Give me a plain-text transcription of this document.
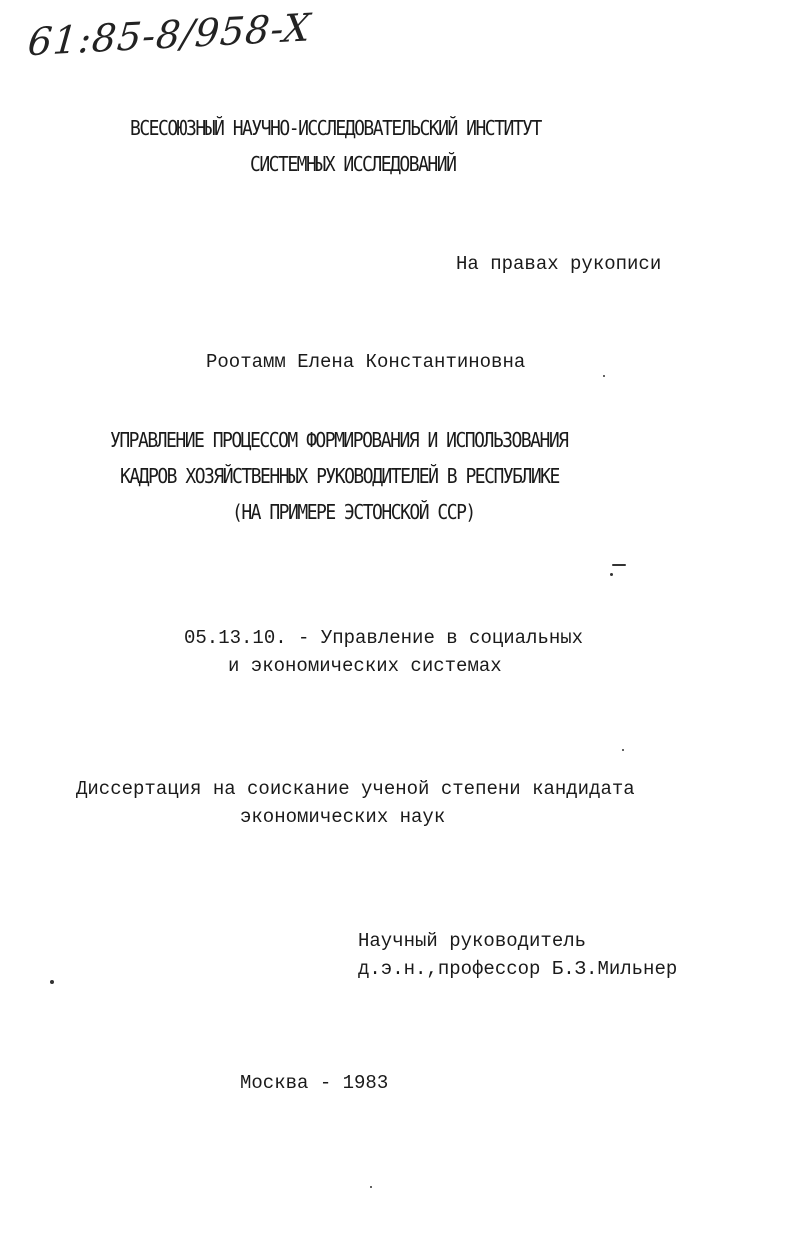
61:85-8/958-X
ВСЕСОЮЗНЫЙ НАУЧНО-ИССЛЕДОВАТЕЛЬСКИЙ ИНСТИТУТ
СИСТЕМНЫХ ИССЛЕДОВАНИЙ
На правах рукописи
Роотамм Елена Константиновна
УПРАВЛЕНИЕ ПРОЦЕССОМ ФОРМИРОВАНИЯ И ИСПОЛЬЗОВАНИЯ
КАДРОВ ХОЗЯЙСТВЕННЫХ РУКОВОДИТЕЛЕЙ В РЕСПУБЛИКЕ
(НА ПРИМЕРЕ ЭСТОНСКОЙ ССР)
05.13.10. - Управление в социальных
и экономических системах
Диссертация на соискание ученой степени кандидата
экономических наук
Научный руководитель
д.э.н.,профессор Б.З.Мильнер
Москва - 1983
